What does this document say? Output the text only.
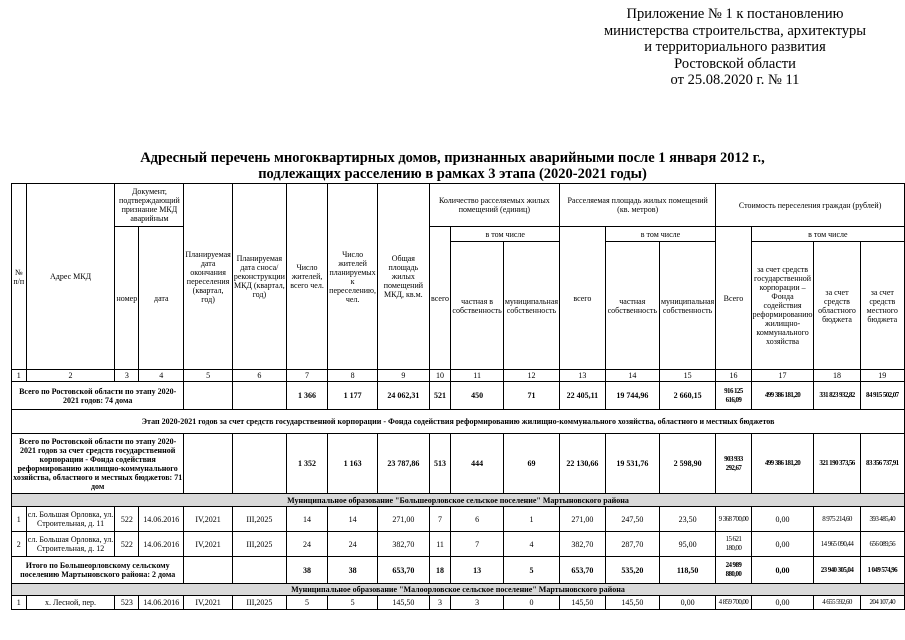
Приложение № 1 к постановлению
министерства строительства, архитектуры
и территориального развития
Ростовской области
от 25.08.2020 г. № 11
Адресный перечень многоквартирных домов, признанных аварийными после 1 января 2012 г.,
подлежащих расселению в рамках 3 этапа (2020-2021 годы)
№ п/п	Адрес МКД	Документ, подтверждающий признание МКД аварийным		Планируемая дата окончания переселения (квартал, год)	Планируемая дата сноса/реконструкции МКД (квартал, год)	Число жителей, всего чел.	Число жителей планируемых к переселению, чел.	Общая площадь жилых помещений МКД, кв.м.	Количество расселяемых жилых помещений (единиц)			Расселяемая площадь жилых помещений (кв. метров)			Стоимость переселения граждан (рублей)			
		номер	дата						всего	в том числе		всего	в том числе		Всего	в том числе		
										частная в собственность	муниципальная собственность		частная собственность	муниципальная собственность		за счет средств государственной корпорации – Фонда содействия реформированию жилищно-коммунального хозяйства	за счет средств областного бюджета	за счет средств местного бюджета
1	2	3	4	5	6	7	8	9	10	11	12	13	14	15	16	17	18	19
Всего по Ростовской области по этапу 2020-2021 годов: 74 дома						1 366	1 177	24 062,31	521	450	71	22 405,11	19 744,96	2 660,15	916 125 616,09	499 386 181,20	331 823 932,82	84 915 502,07
Этап 2020-2021 годов за счет средств государственной корпорации - Фонда содействия реформированию жилищно-коммунального хозяйства, областного и местных бюджетов																		
Всего по Ростовской области по этапу 2020-2021 годов за счет средств государственной корпорации - Фонда содействия реформированию жилищно-коммунального хозяйства, областного и местных бюджетов: 71 дом						1 352	1 163	23 787,86	513	444	69	22 130,66	19 531,76	2 598,90	903 933 292,67	499 386 181,20	321 190 373,56	83 356 737,91
Муниципальное образование "Большеорловское сельское поселение" Мартыновского района																		
1	сл. Большая Орловка, ул. Строительная, д. 11	522	14.06.2016	IV,2021	III,2025	14	14	271,00	7	6	1	271,00	247,50	23,50	9 368 700,00	0,00	8 975 214,60	393 485,40
2	сл. Большая Орловка, ул. Строительная, д. 12	522	14.06.2016	IV,2021	III,2025	24	24	382,70	11	7	4	382,70	287,70	95,00	15 621 180,00	0,00	14 965 090,44	656 089,56
Итого по Большеорловскому сельскому поселению Мартыновского района: 2 дома						38	38	653,70	18	13	5	653,70	535,20	118,50	24 989 880,00	0,00	23 940 305,04	1 049 574,96
Муниципальное образование "Малоорловское сельское поселение" Мартыновского района																		
1	х. Лесной, пер.	523	14.06.2016	IV,2021	III,2025	5	5	145,50	3	3	0	145,50	145,50	0,00	4 859 700,00	0,00	4 655 592,60	204 107,40
